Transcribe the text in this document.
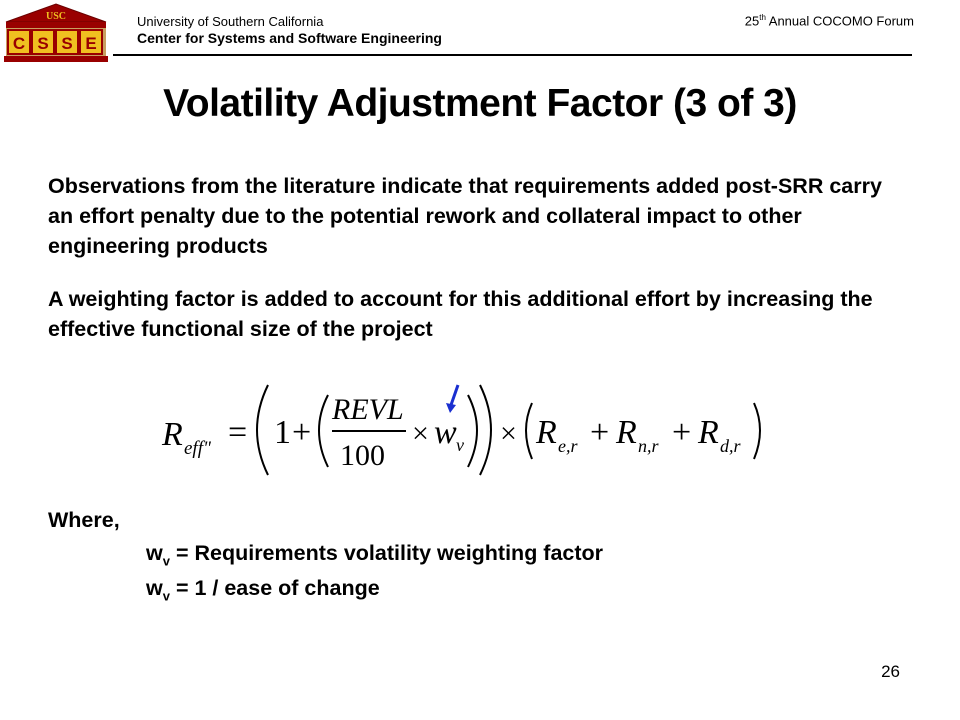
USC
C S S E
University of Southern California
Center for Systems and Software Engineering
25th Annual COCOMO Forum
Volatility Adjustment Factor (3 of 3)
Observations from the literature indicate that requirements added post-SRR carry an effort penalty due to the potential rework and collateral impact to other engineering products
A weighting factor is added to account for this additional effort by increasing the effective functional size of the project
R eff" = 1 +
REVL
100
× w v × R e,r + R n,r + R d,r
Where,
$w_v$ = Requirements volatility weighting factor
$w_v = 1$ / ease of change
26
